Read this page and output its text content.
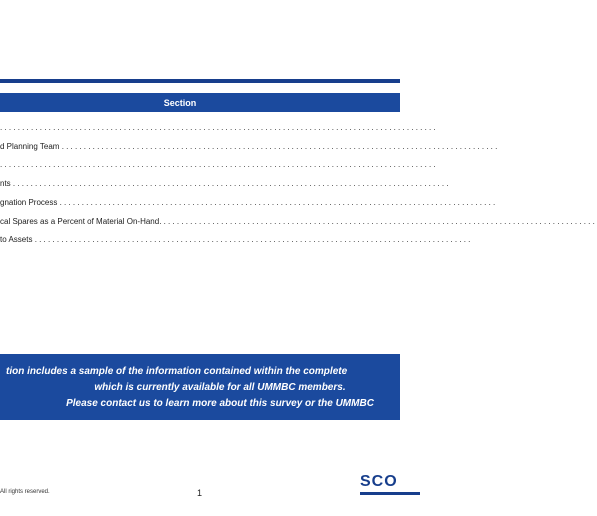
Section
...................................................................................................
d Planning Team ...................................................................................................
...................................................................................................
nts ...................................................................................................
gnation Process ...................................................................................................
cal Spares as a Percent of Material On-Hand...................................................................................................
to Assets ...................................................................................................
tion includes a sample of the information contained within the complete
which is currently available for all UMMBC members.
Please contact us to learn more about this survey or the UMMBC
All rights reserved.	1
SCO
